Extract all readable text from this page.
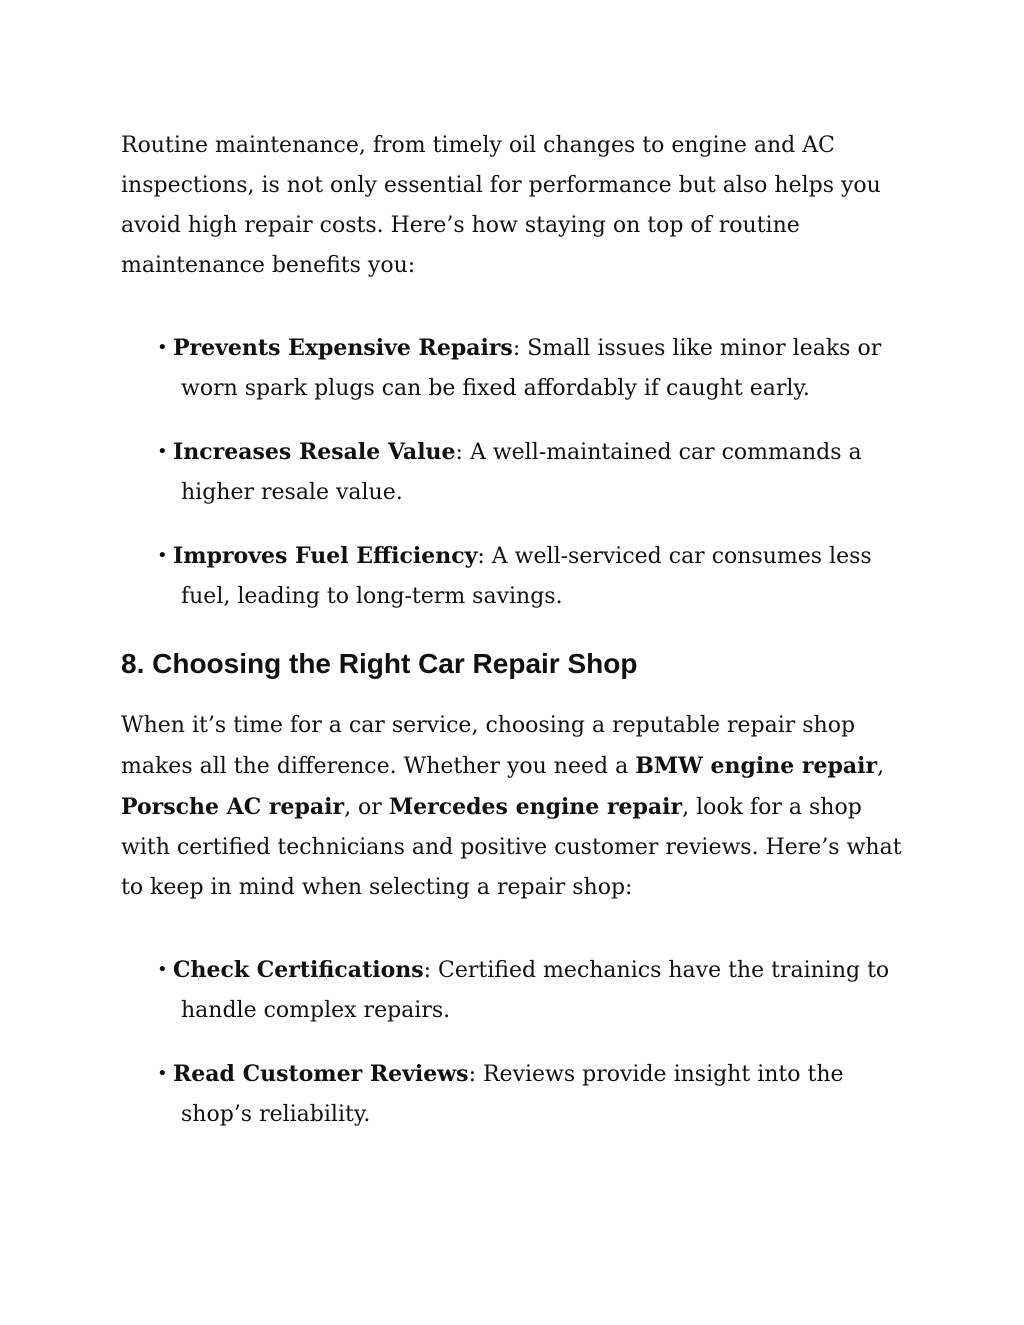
Routine maintenance, from timely oil changes to engine and AC inspections, is not only essential for performance but also helps you avoid high repair costs. Here’s how staying on top of routine maintenance benefits you:

• Prevents Expensive Repairs: Small issues like minor leaks or worn spark plugs can be fixed affordably if caught early.
• Increases Resale Value: A well-maintained car commands a higher resale value.
• Improves Fuel Efficiency: A well-serviced car consumes less fuel, leading to long-term savings.
8. Choosing the Right Car Repair Shop

When it’s time for a car service, choosing a reputable repair shop makes all the difference. Whether you need a BMW engine repair, Porsche AC repair, or Mercedes engine repair, look for a shop with certified technicians and positive customer reviews. Here’s what to keep in mind when selecting a repair shop:

• Check Certifications: Certified mechanics have the training to handle complex repairs.
• Read Customer Reviews: Reviews provide insight into the shop’s reliability.
